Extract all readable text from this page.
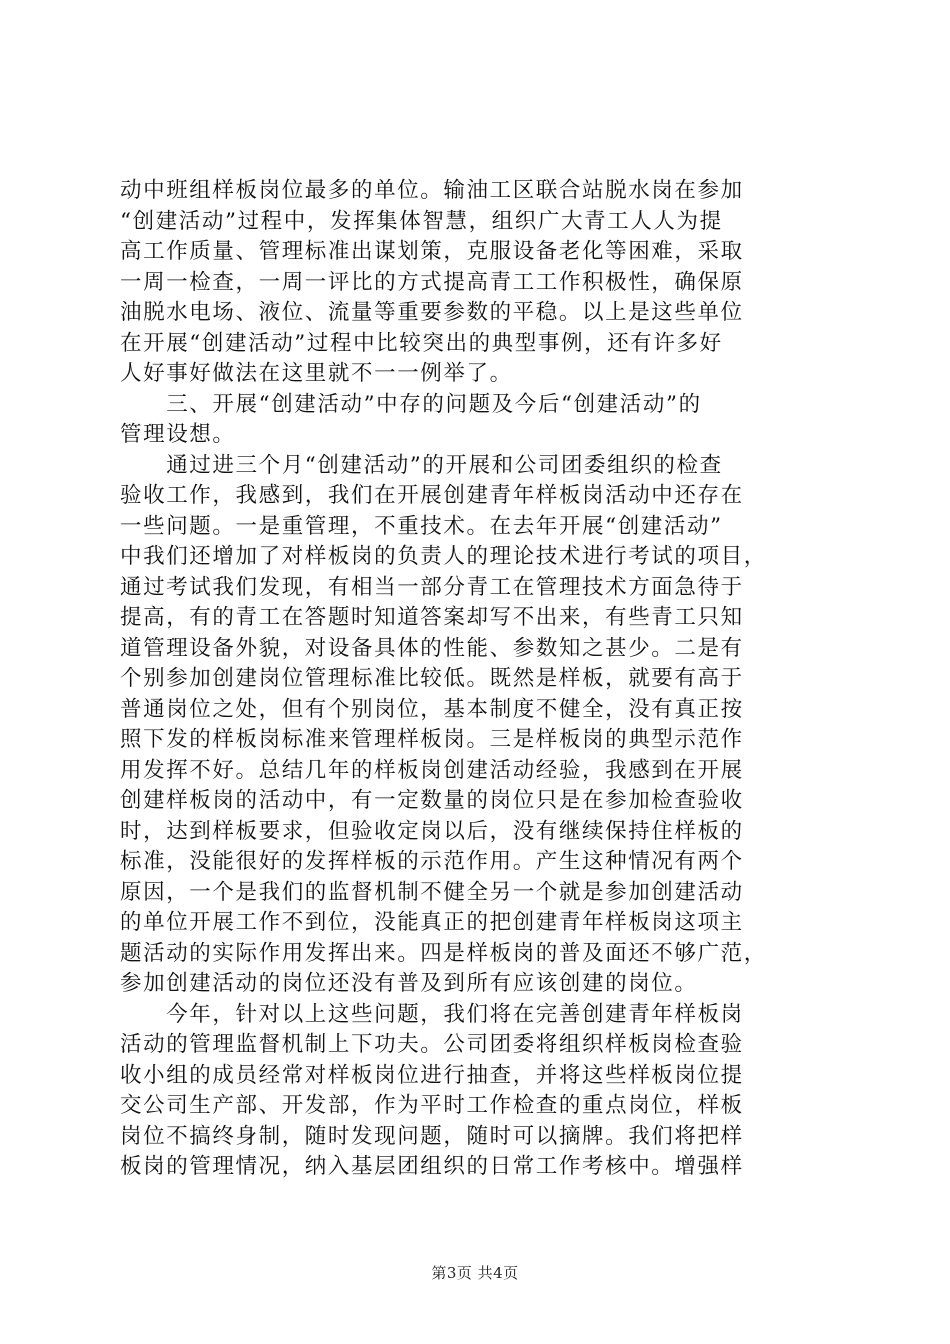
动中班组样板岗位最多的单位。输油工区联合站脱水岗在参加
“创建活动”过程中，发挥集体智慧，组织广大青工人人为提
高工作质量、管理标准出谋划策，克服设备老化等困难，采取
一周一检查，一周一评比的方式提高青工工作积极性，确保原
油脱水电场、液位、流量等重要参数的平稳。以上是这些单位
在开展“创建活动”过程中比较突出的典型事例，还有许多好
人好事好做法在这里就不一一例举了。
　　三、开展“创建活动”中存的问题及今后“创建活动”的
管理设想。
　　通过进三个月“创建活动”的开展和公司团委组织的检查
验收工作，我感到，我们在开展创建青年样板岗活动中还存在
一些问题。一是重管理，不重技术。在去年开展“创建活动”
中我们还增加了对样板岗的负责人的理论技术进行考试的项目，
通过考试我们发现，有相当一部分青工在管理技术方面急待于
提高，有的青工在答题时知道答案却写不出来，有些青工只知
道管理设备外貌，对设备具体的性能、参数知之甚少。二是有
个别参加创建岗位管理标准比较低。既然是样板，就要有高于
普通岗位之处，但有个别岗位，基本制度不健全，没有真正按
照下发的样板岗标准来管理样板岗。三是样板岗的典型示范作
用发挥不好。总结几年的样板岗创建活动经验，我感到在开展
创建样板岗的活动中，有一定数量的岗位只是在参加检查验收
时，达到样板要求，但验收定岗以后，没有继续保持住样板的
标准，没能很好的发挥样板的示范作用。产生这种情况有两个
原因，一个是我们的监督机制不健全另一个就是参加创建活动
的单位开展工作不到位，没能真正的把创建青年样板岗这项主
题活动的实际作用发挥出来。四是样板岗的普及面还不够广范，
参加创建活动的岗位还没有普及到所有应该创建的岗位。
　　今年，针对以上这些问题，我们将在完善创建青年样板岗
活动的管理监督机制上下功夫。公司团委将组织样板岗检查验
收小组的成员经常对样板岗位进行抽查，并将这些样板岗位提
交公司生产部、开发部，作为平时工作检查的重点岗位，样板
岗位不搞终身制，随时发现问题，随时可以摘牌。我们将把样
板岗的管理情况，纳入基层团组织的日常工作考核中。增强样
第3页 共4页
